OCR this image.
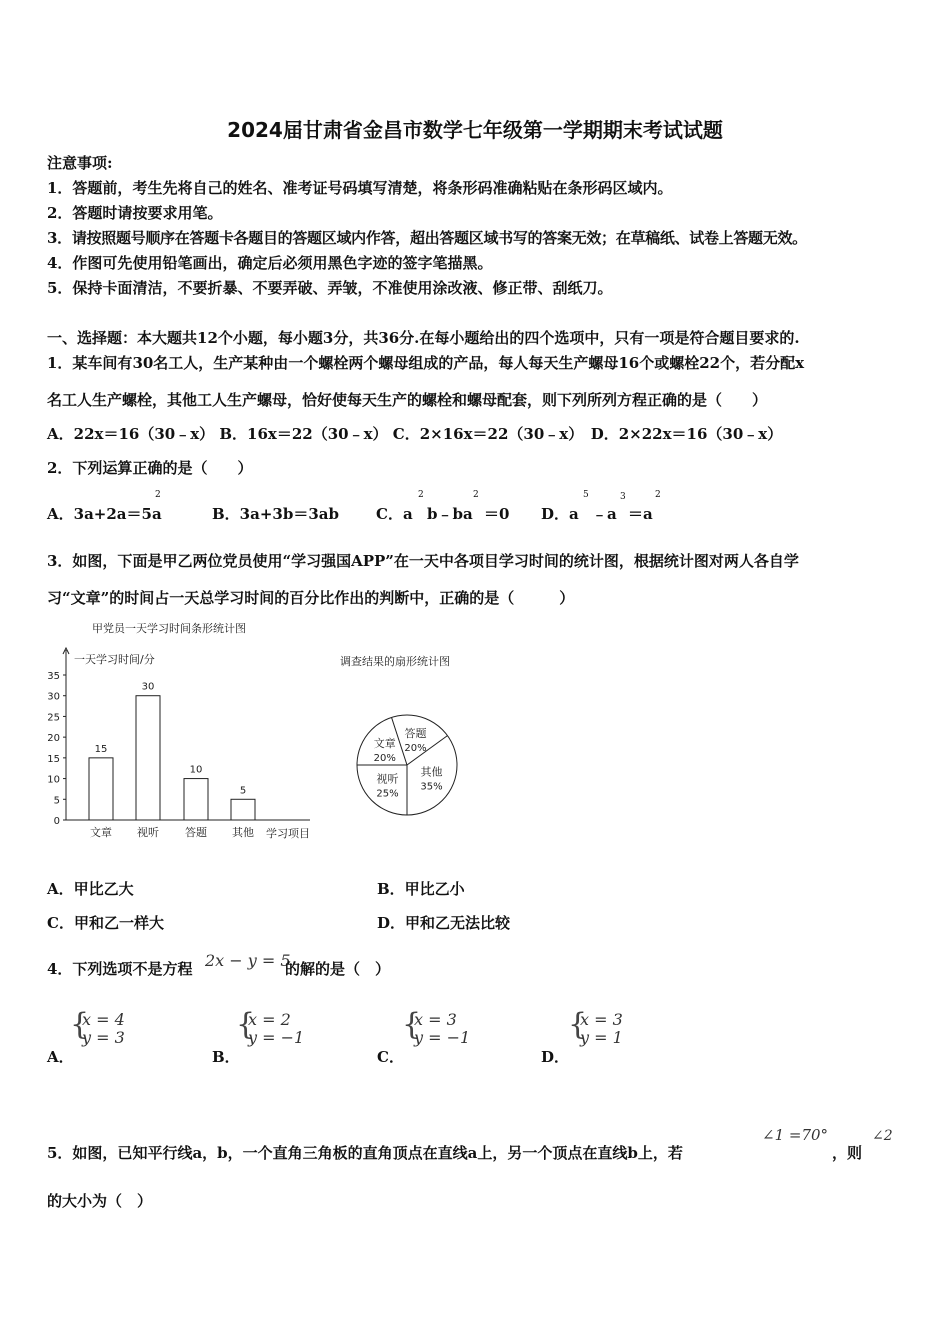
2024届甘肃省金昌市数学七年级第一学期期末考试试题
注意事项:
1．答题前，考生先将自己的姓名、准考证号码填写清楚，将条形码准确粘贴在条形码区域内。
2．答题时请按要求用笔。
3．请按照题号顺序在答题卡各题目的答题区域内作答，超出答题区域书写的答案无效；在草稿纸、试卷上答题无效。
4．作图可先使用铅笔画出，确定后必须用黑色字迹的签字笔描黑。
5．保持卡面清洁，不要折暴、不要弄破、弄皱，不准使用涂改液、修正带、刮纸刀。
一、选择题：本大题共12个小题，每小题3分，共36分.在每小题给出的四个选项中，只有一项是符合题目要求的.
1．某车间有30名工人，生产某种由一个螺栓两个螺母组成的产品，每人每天生产螺母16个或螺栓22个，若分配x
名工人生产螺栓，其他工人生产螺母，恰好使每天生产的螺栓和螺母配套，则下列所列方程正确的是（　　）
A．22x＝16（30﹣x） B．16x＝22（30﹣x） C．2×16x＝22（30﹣x）　D．2×22x＝16（30﹣x）
2．下列运算正确的是（　　）
A．3a+2a＝5a
2
B．3a+3b＝3ab C．a
2
b﹣ba
2
＝0 D．a
5
﹣a
3
＝a
2
3．如图，下面是甲乙两位党员使用“学习强国APP”在一天中各项目学习时间的统计图，根据统计图对两人各自学
习“文章”的时间占一天总学习时间的百分比作出的判断中，正确的是（　　　）
甲党员一天学习时间条形统计图
一天学习时间/分
学习项目
0
5
10
15
20
25
30
35
15
文章
30
视听
10
答题
5
其他
调查结果的扇形统计图
文章
20%
答题
20%
其他
35%
视听
25%
A．甲比乙大	B．甲比乙小
C．甲和乙一样大	D．甲和乙无法比较
4．下列选项不是方程 2x − y = 5
的解的是（　）
A．
{
x = 4
y = 3
B．
{
x = 2
y = −1
C．
{
x = 3
y = −1
D．
{
x = 3
y = 1
5．如图，已知平行线a，b，一个直角三角板的直角顶点在直线a上，另一个顶点在直线b上，若
∠1 =70°
，则
∠2
的大小为（　）
